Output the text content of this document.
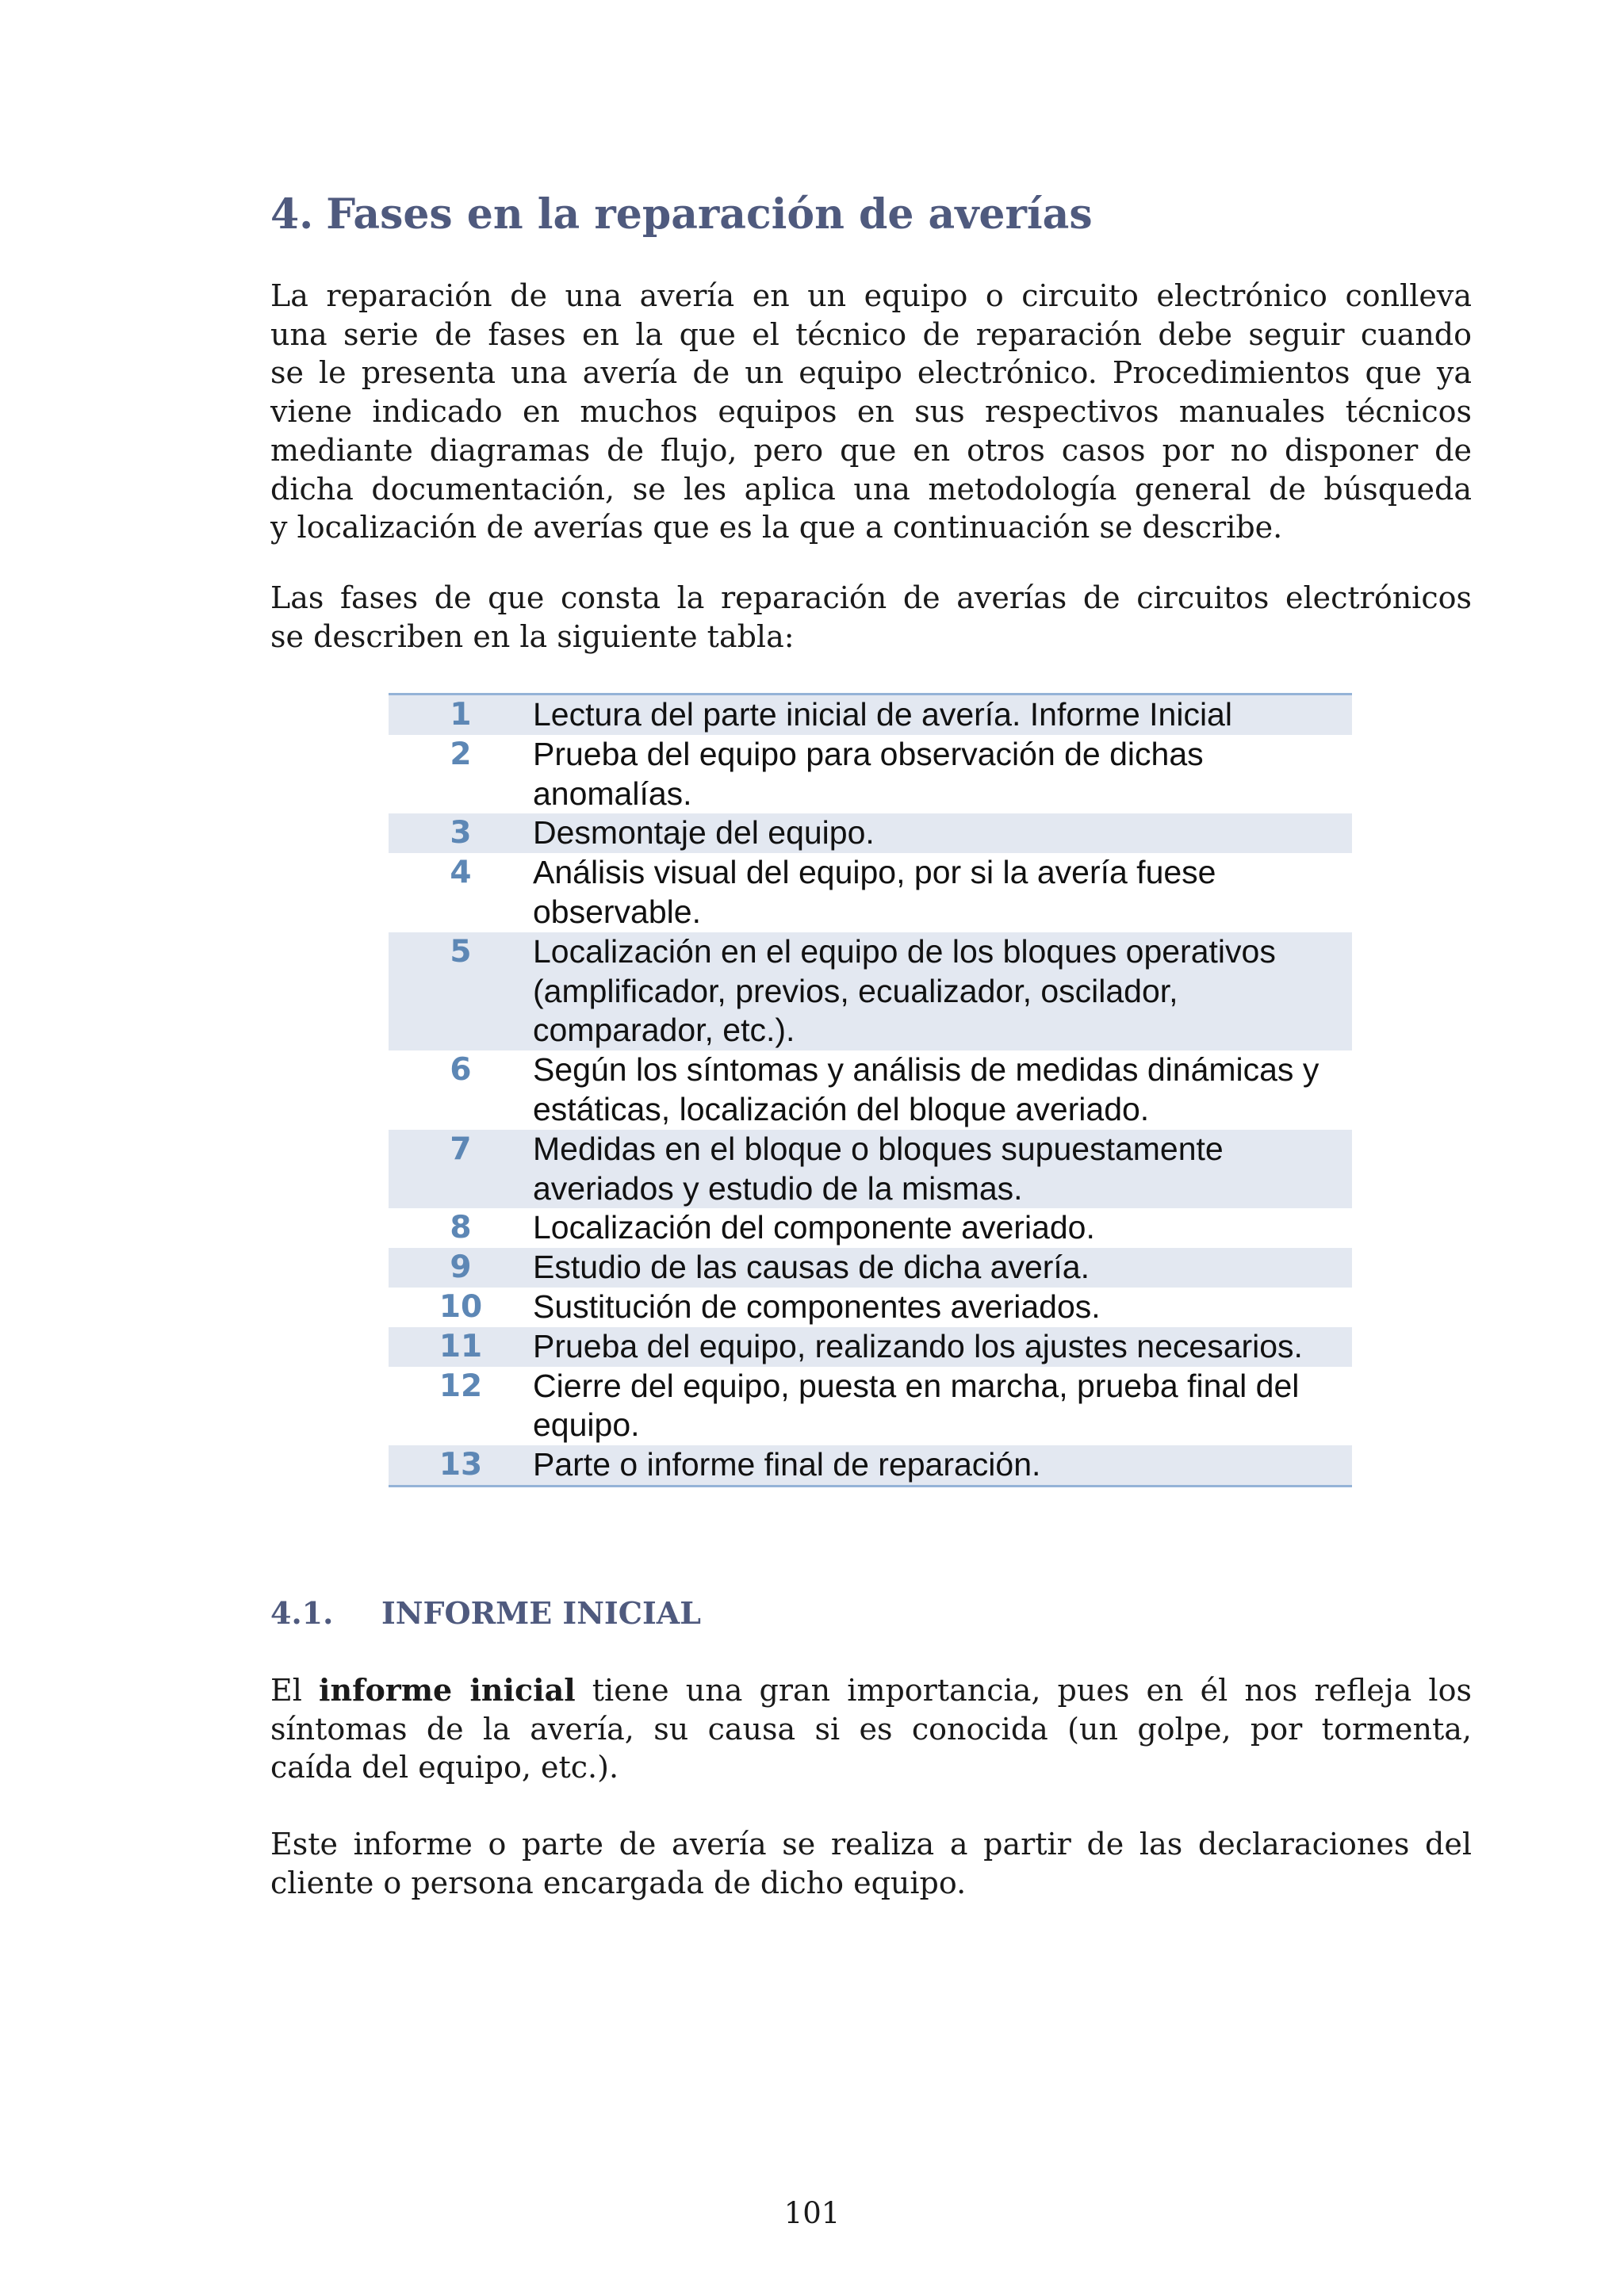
4. Fases en la reparación de averías

La reparación de una avería en un equipo o circuito electrónico conlleva
una serie de fases en la que el técnico de reparación debe seguir cuando
se le presenta una avería de un equipo electrónico. Procedimientos que ya
viene indicado en muchos equipos en sus respectivos manuales técnicos
mediante diagramas de flujo, pero que en otros casos por no disponer de
dicha documentación, se les aplica una metodología general de búsqueda
y localización de averías que es la que a continuación se describe.

Las fases de que consta la reparación de averías de circuitos electrónicos
se describen en la siguiente tabla:

1	Lectura del parte inicial de avería. Informe Inicial

2	Prueba del equipo para observación de dichas
anomalías.

3	Desmontaje del equipo.

4	Análisis visual del equipo, por si la avería fuese
observable.

5	Localización en el equipo de los bloques operativos
(amplificador, previos, ecualizador, oscilador,
comparador, etc.).

6	Según los síntomas y análisis de medidas dinámicas y
estáticas, localización del bloque averiado.

7	Medidas en el bloque o bloques supuestamente
averiados y estudio de la mismas.

8	Localización del componente averiado.

9	Estudio de las causas de dicha avería.

10	Sustitución de componentes averiados.

11	Prueba del equipo, realizando los ajustes necesarios.

12	Cierre del equipo, puesta en marcha, prueba final del
equipo.

13	Parte o informe final de reparación.
4.1. INFORME INICIAL

El informe inicial tiene una gran importancia, pues en él nos refleja los
síntomas de la avería, su causa si es conocida (un golpe, por tormenta,
caída del equipo, etc.).

Este informe o parte de avería se realiza a partir de las declaraciones del
cliente o persona encargada de dicho equipo.

101
